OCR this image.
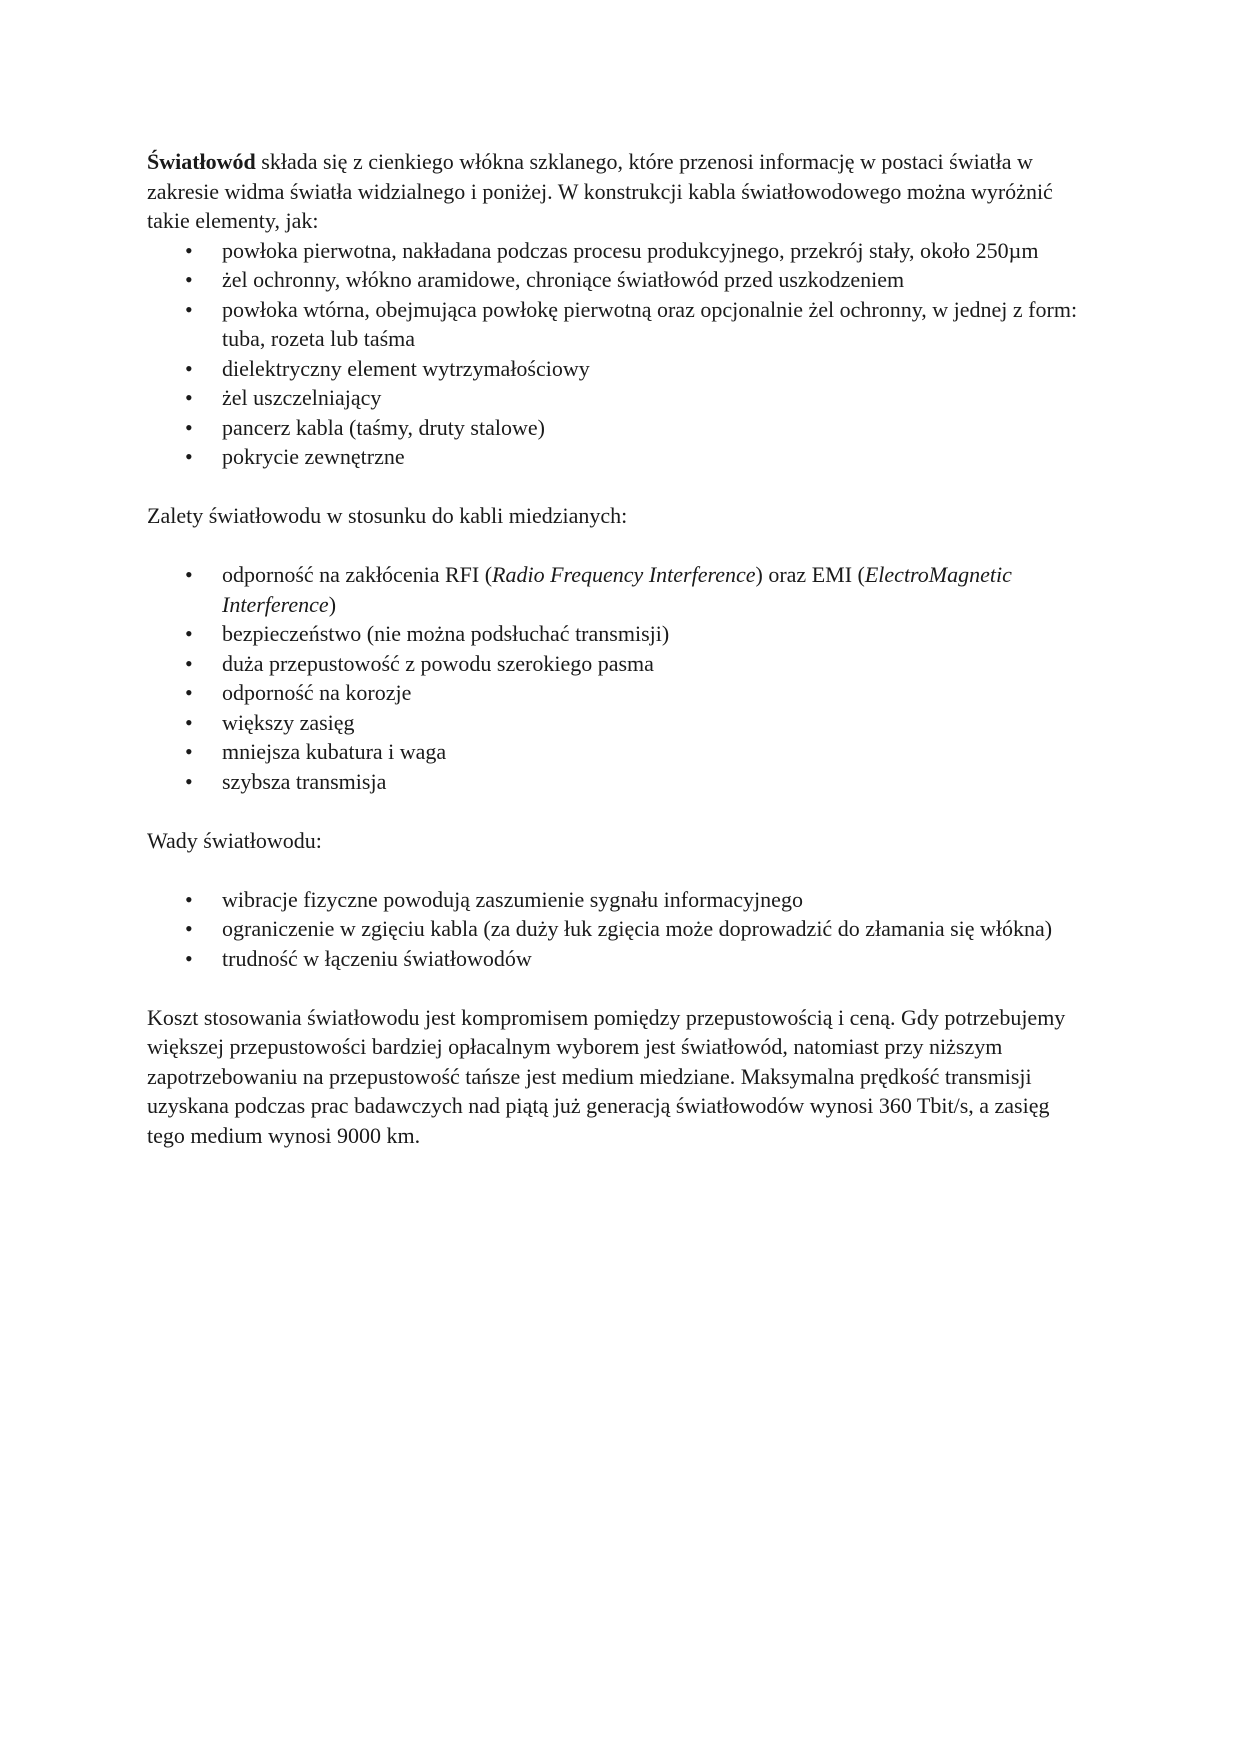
Światłowód składa się z cienkiego włókna szklanego, które przenosi informację w postaci światła w zakresie widma światła widzialnego i poniżej. W konstrukcji kabla światłowodowego można wyróżnić takie elementy, jak:

• powłoka pierwotna, nakładana podczas procesu produkcyjnego, przekrój stały, około 250µm
• żel ochronny, włókno aramidowe, chroniące światłowód przed uszkodzeniem
• powłoka wtórna, obejmująca powłokę pierwotną oraz opcjonalnie żel ochronny, w jednej z form: tuba, rozeta lub taśma
• dielektryczny element wytrzymałościowy
• żel uszczelniający
• pancerz kabla (taśmy, druty stalowe)
• pokrycie zewnętrzne

Zalety światłowodu w stosunku do kabli miedzianych:

• odporność na zakłócenia RFI (Radio Frequency Interference) oraz EMI (ElectroMagnetic Interference)
• bezpieczeństwo (nie można podsłuchać transmisji)
• duża przepustowość z powodu szerokiego pasma
• odporność na korozje
• większy zasięg
• mniejsza kubatura i waga
• szybsza transmisja

Wady światłowodu:

• wibracje fizyczne powodują zaszumienie sygnału informacyjnego
• ograniczenie w zgięciu kabla (za duży łuk zgięcia może doprowadzić do złamania się włókna)
• trudność w łączeniu światłowodów

Koszt stosowania światłowodu jest kompromisem pomiędzy przepustowością i ceną. Gdy potrzebujemy większej przepustowości bardziej opłacalnym wyborem jest światłowód, natomiast przy niższym zapotrzebowaniu na przepustowość tańsze jest medium miedziane. Maksymalna prędkość transmisji uzyskana podczas prac badawczych nad piątą już generacją światłowodów wynosi 360 Tbit/s, a zasięg tego medium wynosi 9000 km.
